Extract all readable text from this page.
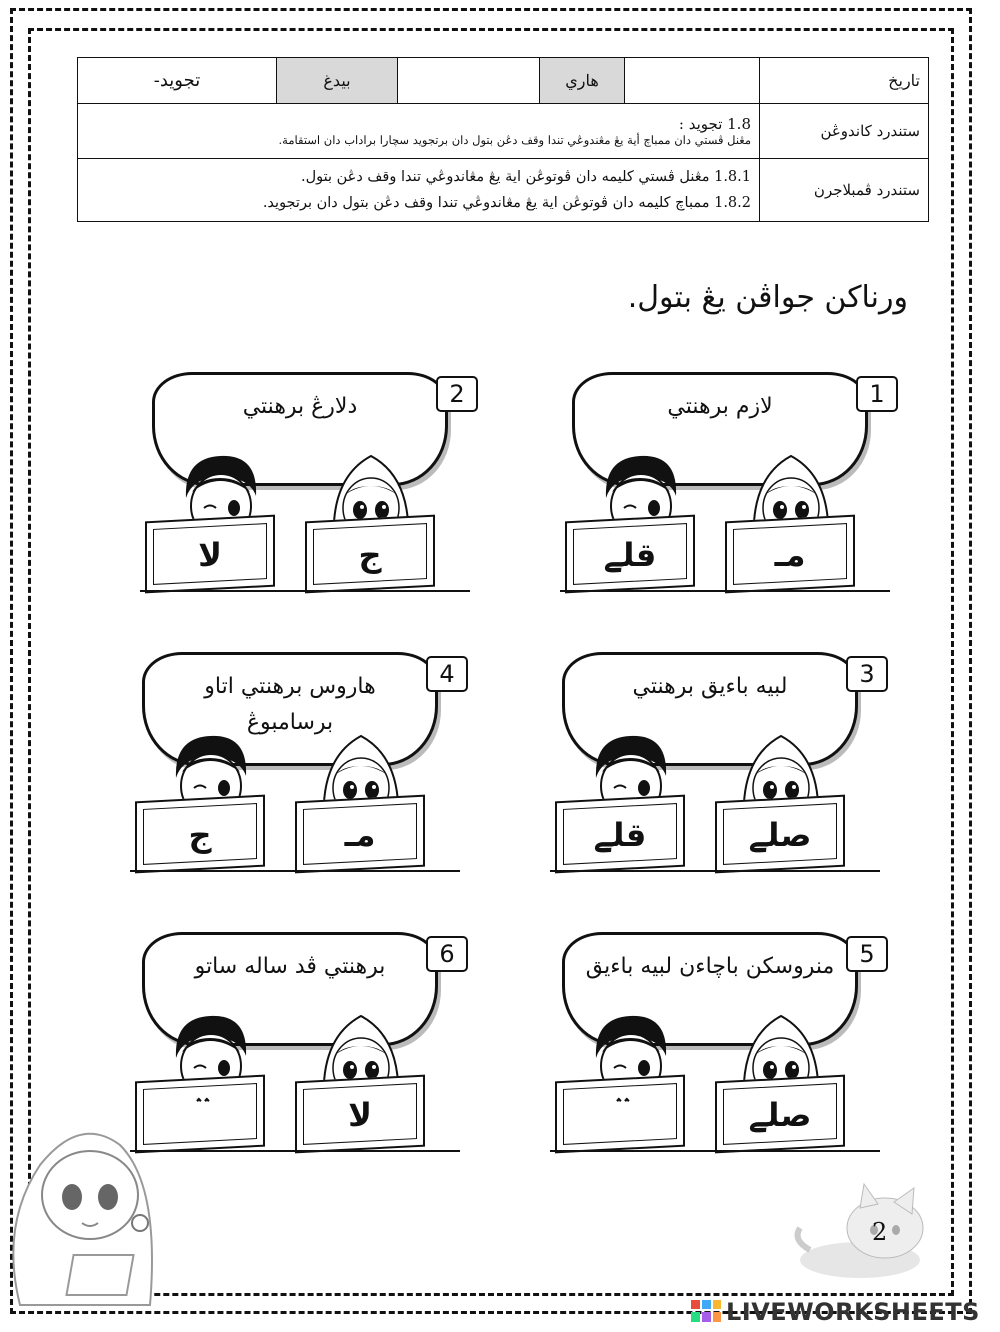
تاريخ		هاري		بيدغ	تجويد-
ستندرد كاندوڠن	1.8 تجويد :
مڠنل ڤستي دان ممباچ أية يڠ مڠندوڠي تندا وقف دڠن بتول دان برتجويد سچارا براداب دان استقامة.				

ستندرد ڤمبلاجرن	1.8.1 مڠنل ڤستي كليمه دان ڤوتوڠن اية يڠ مڠاندوڠي تندا وقف دڠن بتول.
1.8.2 ممباچ كليمه دان ڤوتوڠن اية يڠ مڠاندوڠي تندا وقف دڠن بتول دان برتجويد.				
ورناكن جواڤن يڠ بتول.
لازم برهنتي	1
قلے	مـ
دلارڠ برهنتي	2
لا	ج
لبيه باءيق برهنتي	3
قلے	صلے
هاروس برهنتي اتاو برسامبوڠ
4
ج	مـ
منروسكن باچاءن لبيه باءيق	5
ۛ ۛ	صلے
برهنتي ڤد ساله ساتو	6
ۛ ۛ	لا
2
LIVEWORKSHEETS
